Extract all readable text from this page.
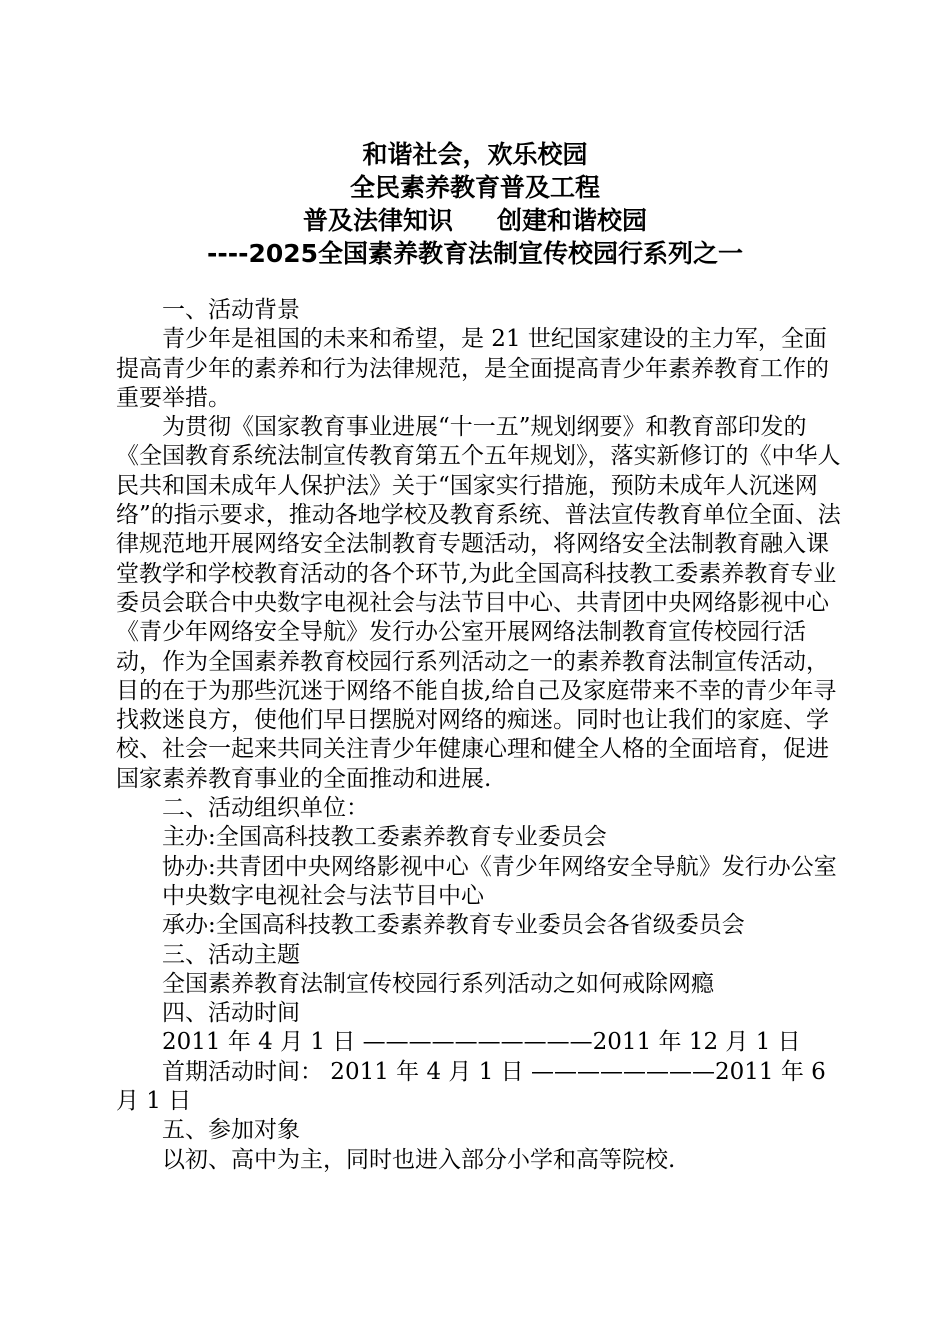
和谐社会，欢乐校园
全民素养教育普及工程
普及法律知识 创建和谐校园
----2025全国素养教育法制宣传校园行系列之一

一、活动背景

青少年是祖国的未来和希望，是 21 世纪国家建设的主力军，全面提高青少年的素养和行为法律规范，是全面提高青少年素养教育工作的重要举措。

为贯彻《国家教育事业进展“十一五”规划纲要》和教育部印发的《全国教育系统法制宣传教育第五个五年规划》，落实新修订的《中华人民共和国未成年人保护法》关于“国家实行措施，预防未成年人沉迷网络”的指示要求，推动各地学校及教育系统、普法宣传教育单位全面、法律规范地开展网络安全法制教育专题活动，将网络安全法制教育融入课堂教学和学校教育活动的各个环节,为此全国高科技教工委素养教育专业委员会联合中央数字电视社会与法节目中心、共青团中央网络影视中心《青少年网络安全导航》发行办公室开展网络法制教育宣传校园行活动，作为全国素养教育校园行系列活动之一的素养教育法制宣传活动，目的在于为那些沉迷于网络不能自拔,给自己及家庭带来不幸的青少年寻找救迷良方，使他们早日摆脱对网络的痴迷。同时也让我们的家庭、学校、社会一起来共同关注青少年健康心理和健全人格的全面培育，促进国家素养教育事业的全面推动和进展.

二、活动组织单位：

主办:全国高科技教工委素养教育专业委员会

协办:共青团中央网络影视中心《青少年网络安全导航》发行办公室

中央数字电视社会与法节目中心

承办:全国高科技教工委素养教育专业委员会各省级委员会

三、活动主题

全国素养教育法制宣传校园行系列活动之如何戒除网瘾

四、活动时间

2011 年 4 月 1 日 ——————————2011 年 12 月 1 日

首期活动时间： 2011 年 4 月 1 日 ————————2011 年 6 月 1 日

五、参加对象

以初、高中为主，同时也进入部分小学和高等院校.
